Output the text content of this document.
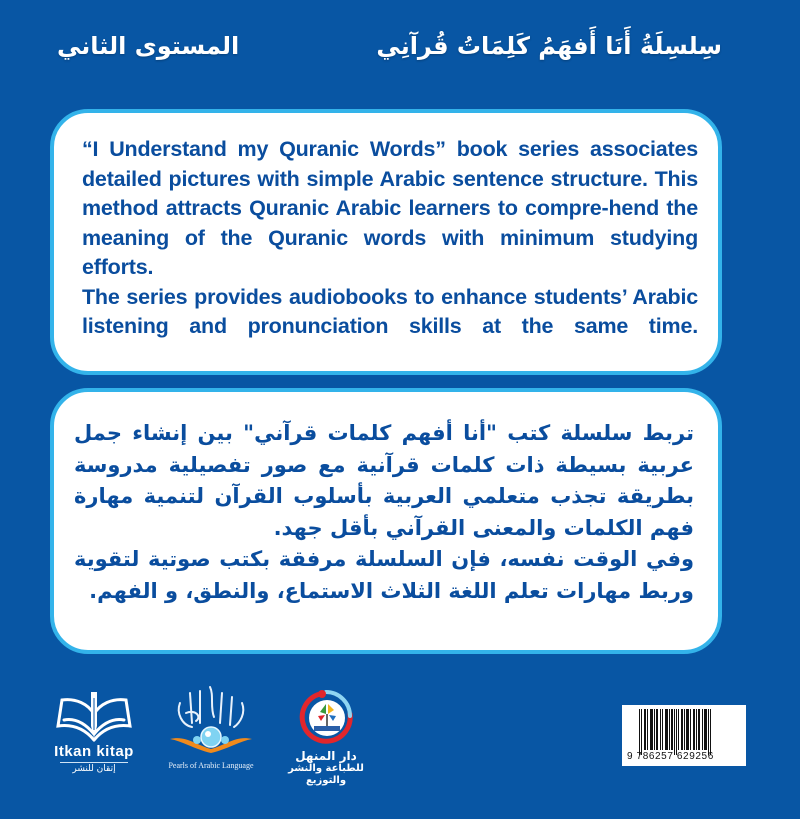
سِلسِلَةُ أَنَا أَفهَمُ كَلِمَاتُ قُرآنِي
المستوى الثاني

“I Understand my Quranic Words” book series associates detailed pictures with simple Arabic sentence structure. This method attracts Quranic Arabic learners to compre-hend the meaning of the Quranic words with minimum studying efforts.

The series provides audiobooks to enhance students’ Arabic listening and pronunciation skills at the same time.

تربط سلسلة كتب "أنا أفهم كلمات قرآني" بين إنشاء جمل عربية بسيطة ذات كلمات قرآنية مع صور تفصيلية مدروسة بطريقة تجذب متعلمي العربية بأسلوب القرآن لتنمية مهارة فهم الكلمات والمعنى القرآني بأقل جهد.

وفي الوقت نفسه، فإن السلسلة مرفقة بكتب صوتية لتقوية وربط مهارات تعلم اللغة الثلاث الاستماع، والنطق، و الفهم.

Itkan kitap
إتقان للنشر	Pearls of Arabic Language
دار المنهل
للطباعة والنشر والتوزيع
9 786257 629256
